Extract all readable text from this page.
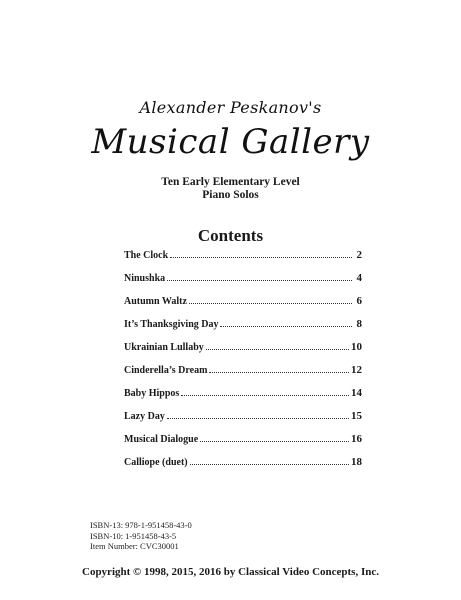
Alexander Peskanov's
Musical Gallery
Ten Early Elementary Level
Piano Solos
Contents
The Clock	2
Ninushka	4
Autumn Waltz	6
It’s Thanksgiving Day	8
Ukrainian Lullaby	10
Cinderella’s Dream	12
Baby Hippos	14
Lazy Day	15
Musical Dialogue	16
Calliope (duet)	18
ISBN-13: 978-1-951458-43-0
ISBN-10: 1-951458-43-5
Item Number: CVC30001
Copyright © 1998, 2015, 2016 by Classical Video Concepts, Inc.
